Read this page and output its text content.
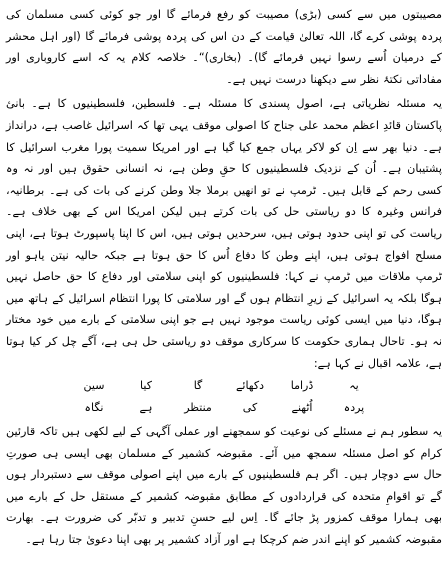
مصیبتوں میں سے کسی (بڑی) مصیبت کو رفع فرمائے گا اور جو کوئی کسی مسلمان کی پردہ پوشی کرے گا، اللہ تعالیٰ قیامت کے دن اس کی پردہ پوشی فرمائے گا (اور اہل محشر کے درمیان اُسے رسوا نہیں فرمائے گا)۔ (بخاری)“۔ خلاصہ کلام یہ کہ اسے کاروباری اور مفاداتی نکتۂ نظر سے دیکھنا درست نہیں ہے۔

یہ مسئلہ نظریاتی ہے، اصول پسندی کا مسئلہ ہے۔ فلسطین، فلسطینیوں کا ہے۔ بانیٔ پاکستان قائدِ اعظم محمد علی جناح کا اصولی موقف یہی تھا کہ اسرائیل غاصب ہے، درانداز ہے۔ دنیا بھر سے اِن کو لاکر یہاں جمع کیا گیا ہے اور امریکا سمیت پورا مغرب اسرائیل کا پشتیبان ہے۔ اُن کے نزدیک فلسطینیوں کا حقِ وطن ہے، نہ انسانی حقوق ہیں اور نہ وہ کسی رحم کے قابل ہیں۔ ٹرمپ نے تو انھیں برملا جلا وطن کرنے کی بات کی ہے۔ برطانیہ، فرانس وغیرہ کا دو ریاستی حل کی بات کرتے ہیں لیکن امریکا اس کے بھی خلاف ہے۔ ریاست کی تو اپنی حدود ہوتی ہیں، سرحدیں ہوتی ہیں، اس کا اپنا پاسپورٹ ہوتا ہے، اپنی مسلح افواج ہوتی ہیں، اپنے وطن کا دفاع اُس کا حق ہوتا ہے جبکہ حالیہ نیتن یاہو اور ٹرمپ ملاقات میں ٹرمپ نے کہا: فلسطینیوں کو اپنی سلامتی اور دفاع کا حق حاصل نہیں ہوگا بلکہ یہ اسرائیل کے زیرِ انتظام ہوں گے اور سلامتی کا پورا انتظام اسرائیل کے ہاتھ میں ہوگا، دنیا میں ایسی کوئی ریاست موجود نہیں ہے جو اپنی سلامتی کے بارے میں خود مختار نہ ہو۔ تاحال ہماری حکومت کا سرکاری موقف دو ریاستی حل ہی ہے، آگے چل کر کیا ہوتا ہے، علامہ اقبال نے کہا ہے:

یہ
ڈراما
دکھائے
گا
کیا
سین
پردہ
اُٹھنے
کی
منتظر
ہے
نگاہ

یہ سطور ہم نے مسئلے کی نوعیت کو سمجھنے اور عملی آگہی کے لیے لکھی ہیں تاکہ قارئین کرام کو اصل مسئلہ سمجھ میں آئے۔ مقبوضہ کشمیر کے مسلمان بھی ایسی ہی صورتِ حال سے دوچار ہیں۔ اگر ہم فلسطینیوں کے بارے میں اپنے اصولی موقف سے دستبردار ہوں گے تو اقوامِ متحدہ کی قراردادوں کے مطابق مقبوضہ کشمیر کے مستقل حل کے بارے میں بھی ہمارا موقف کمزور پڑ جائے گا۔ اِس لیے حسنِ تدبیر و تدبّر کی ضرورت ہے۔ بھارت مقبوضہ کشمیر کو اپنے اندر ضم کرچکا ہے اور آزاد کشمیر پر بھی اپنا دعویٰ جتا رہا ہے۔
